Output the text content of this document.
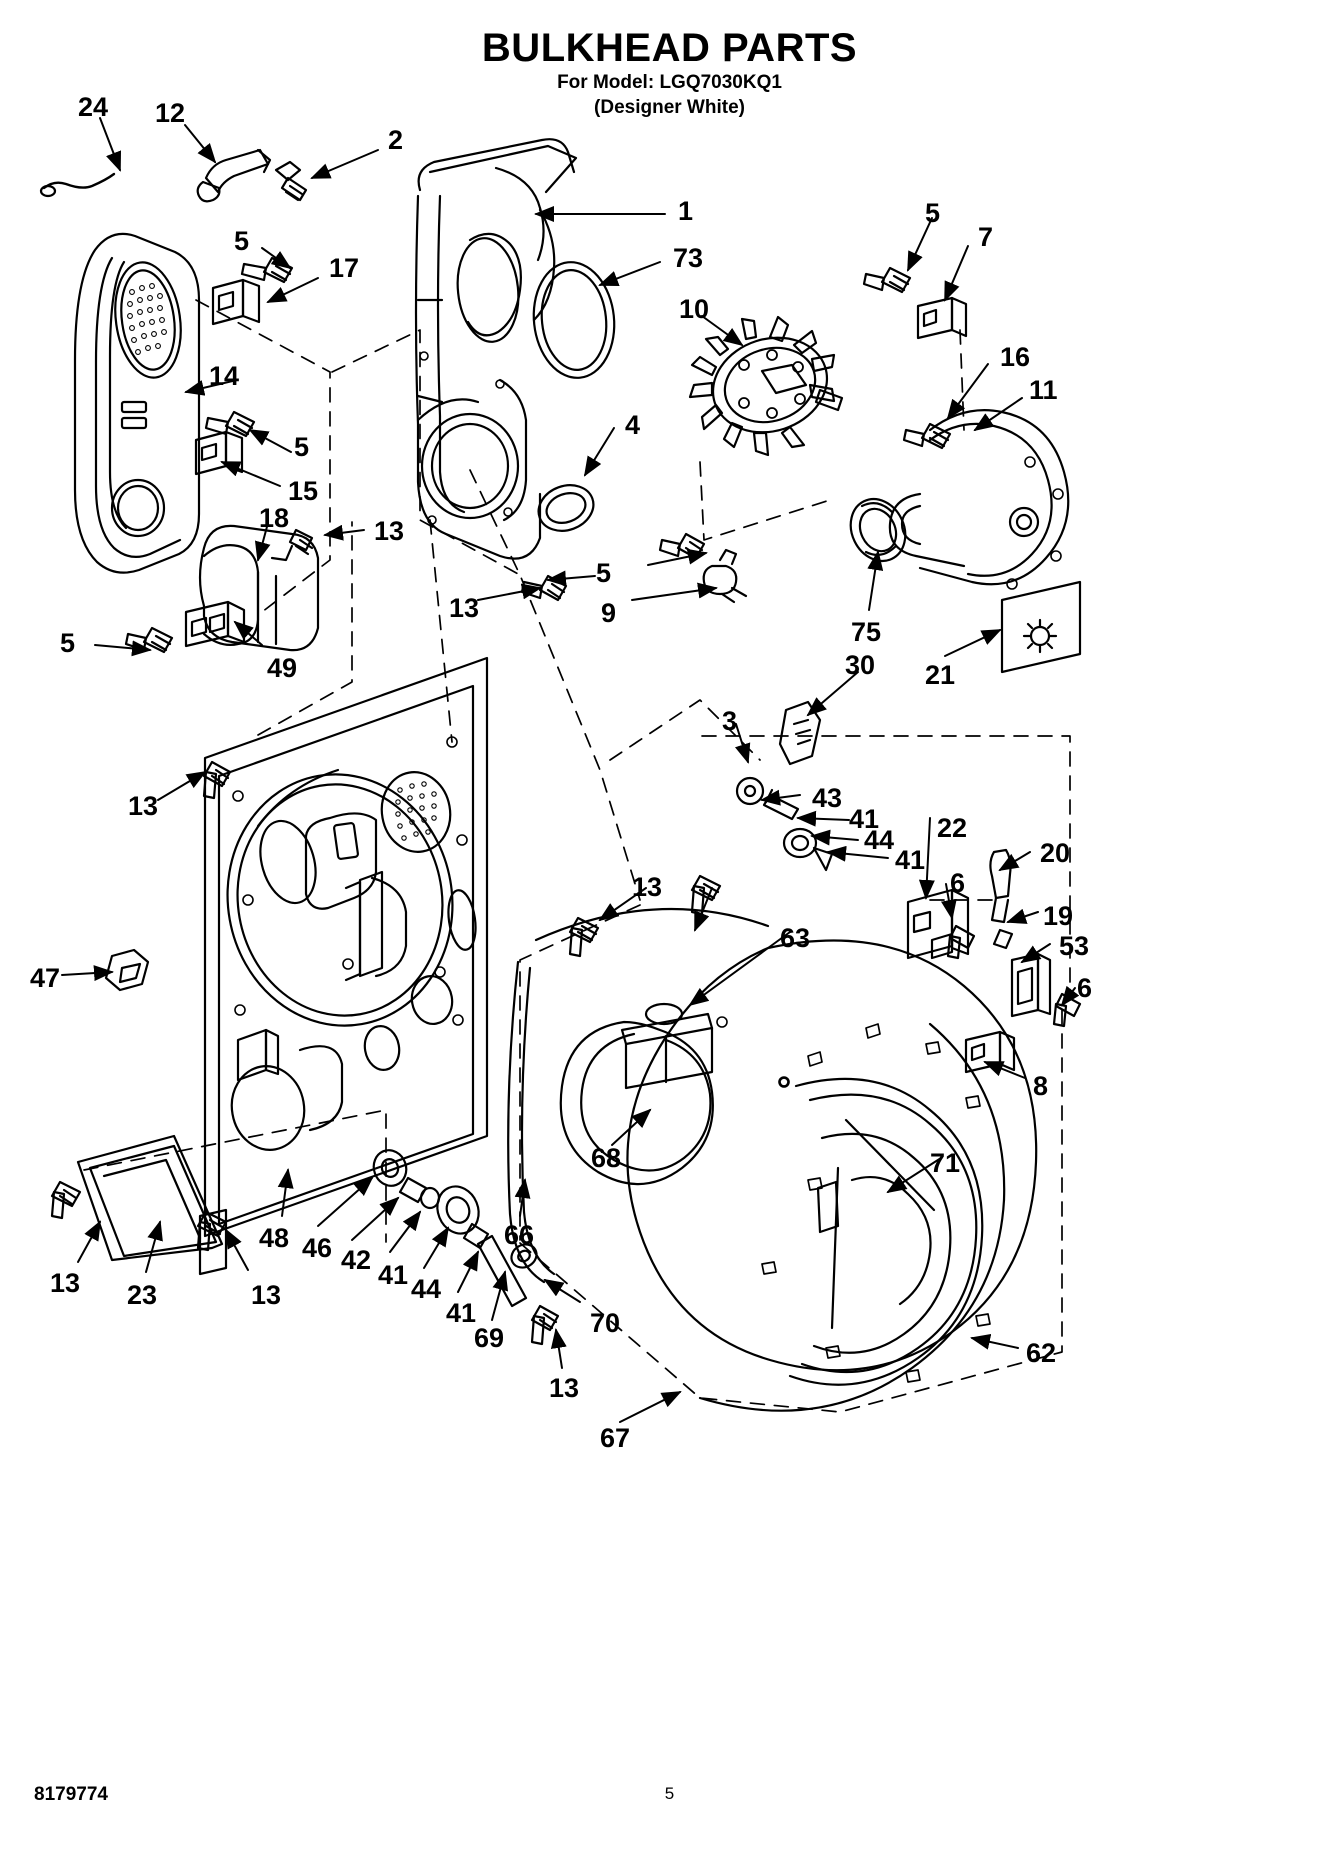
BULKHEAD PARTS
For Model: LGQ7030KQ1
(Designer White)
24 12
2
1	5
7
5
17	73
10
16
11
14
5
4
15
18	13
5
13	9
75
30 21
5
49
3
13	43
41
44 22
41	20
6
19
53
13
63
6
47
8
68	71
66
48 46 42 41 44
13 23	13
41
69	70
13
62
67
8179774	5
